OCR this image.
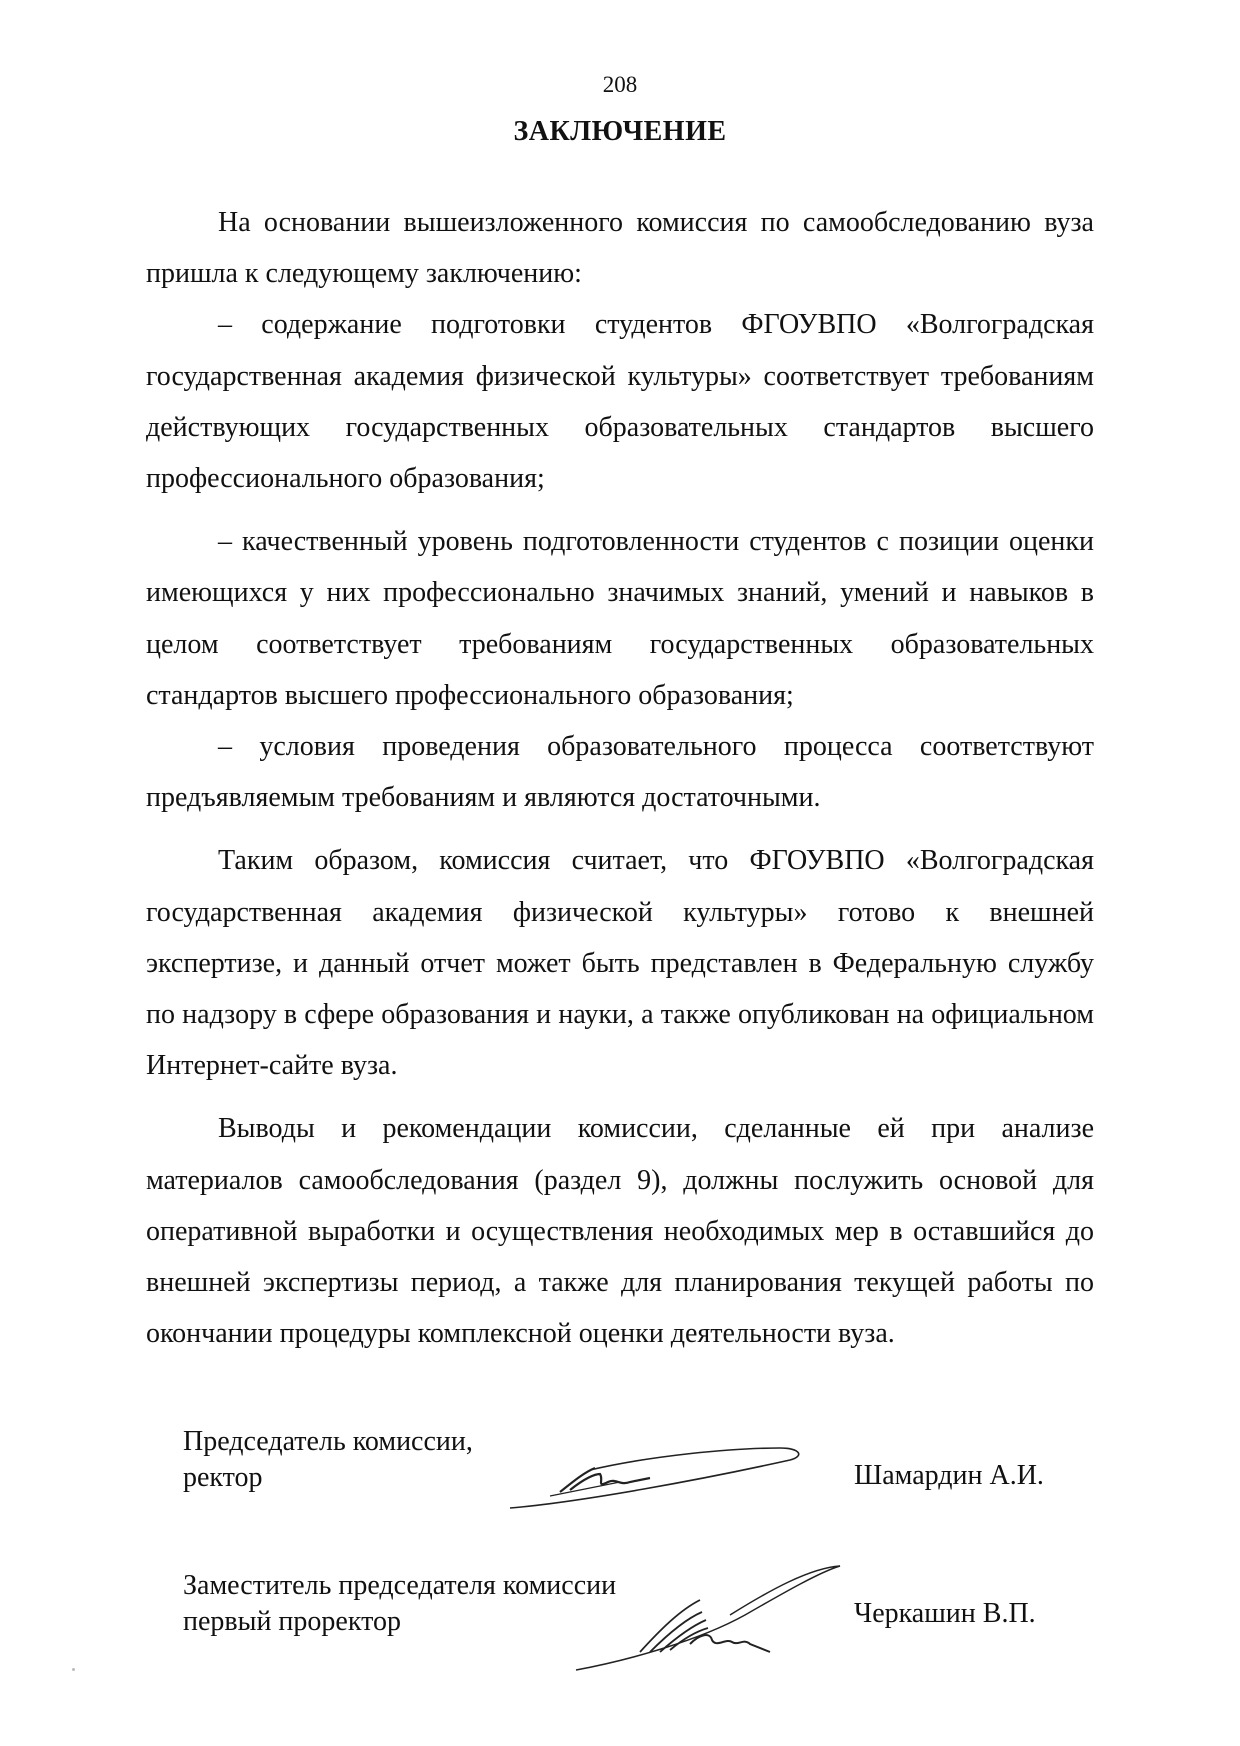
208
ЗАКЛЮЧЕНИЕ

На основании вышеизложенного комиссия по самообследованию вуза пришла к следующему заключению:

– содержание подготовки студентов ФГОУВПО «Волгоградская государственная академия физической культуры» соответствует требованиям действующих государственных образовательных стандартов высшего профессионального образования;

– качественный уровень подготовленности студентов с позиции оценки имеющихся у них профессионально значимых знаний, умений и навыков в целом соответствует требованиям государственных образовательных стандартов высшего профессионального образования;

– условия проведения образовательного процесса соответствуют предъявляемым требованиям и являются достаточными.

Таким образом, комиссия считает, что ФГОУВПО «Волгоградская государственная академия физической культуры» готово к внешней экспертизе, и данный отчет может быть представлен в Федеральную службу по надзору в сфере образования и науки, а также опубликован на официальном Интернет-сайте вуза.

Выводы и рекомендации комиссии, сделанные ей при анализе материалов самообследования (раздел 9), должны послужить основой для оперативной выработки и осуществления необходимых мер в оставшийся до внешней экспертизы период, а также для планирования текущей работы по окончании процедуры комплексной оценки деятельности вуза.

Председатель комиссии,
ректор	Шамардин А.И.
Заместитель председателя комиссии
первый проректор	Черкашин В.П.
